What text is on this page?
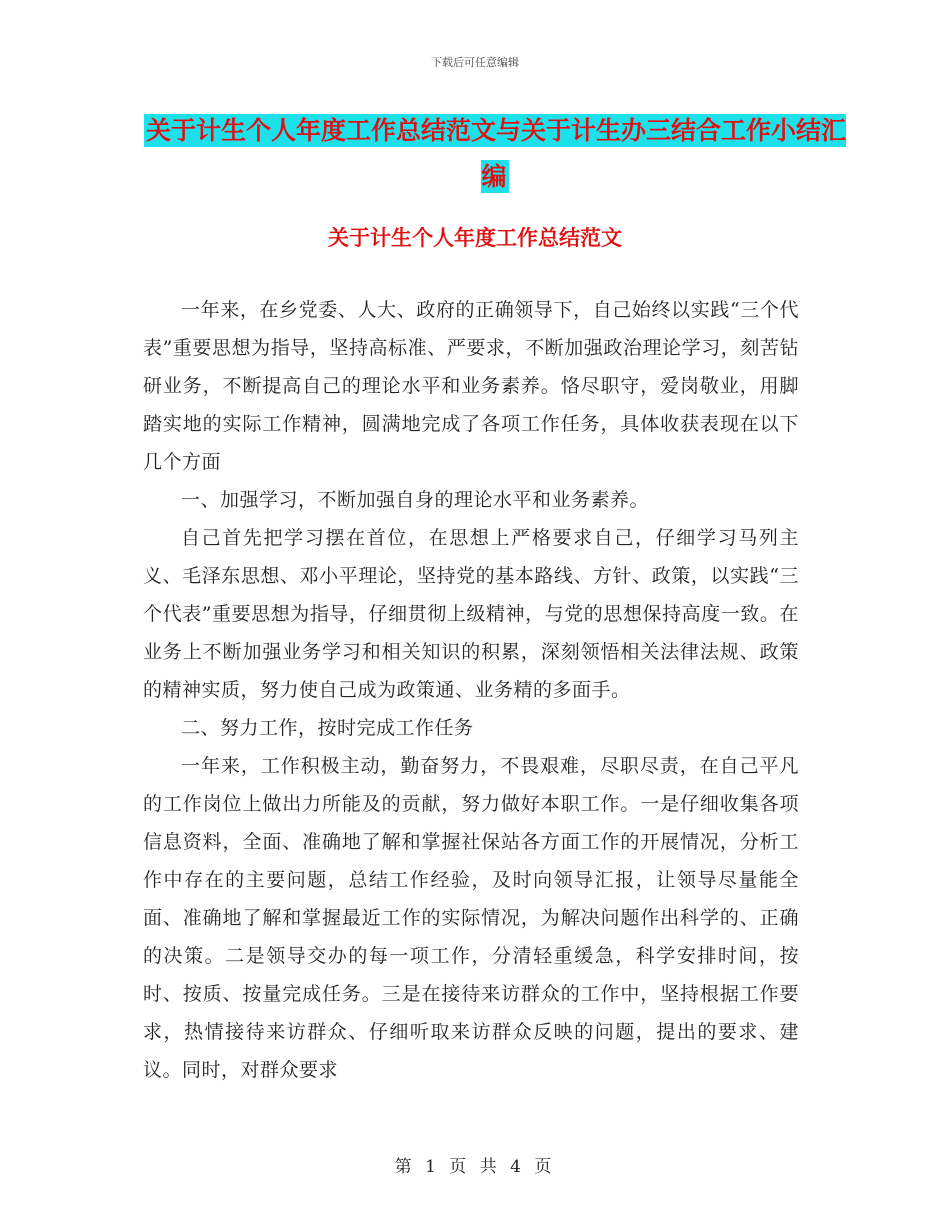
下载后可任意编辑
关于计生个人年度工作总结范文与关于计生办三结合工作小结汇编
关于计生个人年度工作总结范文

一年来，在乡党委、人大、政府的正确领导下，自己始终以实践“三个代表”重要思想为指导，坚持高标准、严要求，不断加强政治理论学习，刻苦钻研业务，不断提高自己的理论水平和业务素养。恪尽职守，爱岗敬业，用脚踏实地的实际工作精神，圆满地完成了各项工作任务，具体收获表现在以下几个方面

一、加强学习，不断加强自身的理论水平和业务素养。

自己首先把学习摆在首位，在思想上严格要求自己，仔细学习马列主义、毛泽东思想、邓小平理论，坚持党的基本路线、方针、政策，以实践“三个代表”重要思想为指导，仔细贯彻上级精神，与党的思想保持高度一致。在业务上不断加强业务学习和相关知识的积累，深刻领悟相关法律法规、政策的精神实质，努力使自己成为政策通、业务精的多面手。

二、努力工作，按时完成工作任务

一年来，工作积极主动，勤奋努力，不畏艰难，尽职尽责，在自己平凡的工作岗位上做出力所能及的贡献，努力做好本职工作。一是仔细收集各项信息资料，全面、准确地了解和掌握社保站各方面工作的开展情况，分析工作中存在的主要问题，总结工作经验，及时向领导汇报，让领导尽量能全面、准确地了解和掌握最近工作的实际情况，为解决问题作出科学的、正确的决策。二是领导交办的每一项工作，分清轻重缓急，科学安排时间，按时、按质、按量完成任务。三是在接待来访群众的工作中，坚持根据工作要求，热情接待来访群众、仔细听取来访群众反映的问题，提出的要求、建议。同时，对群众要求

第 1 页 共 4 页
